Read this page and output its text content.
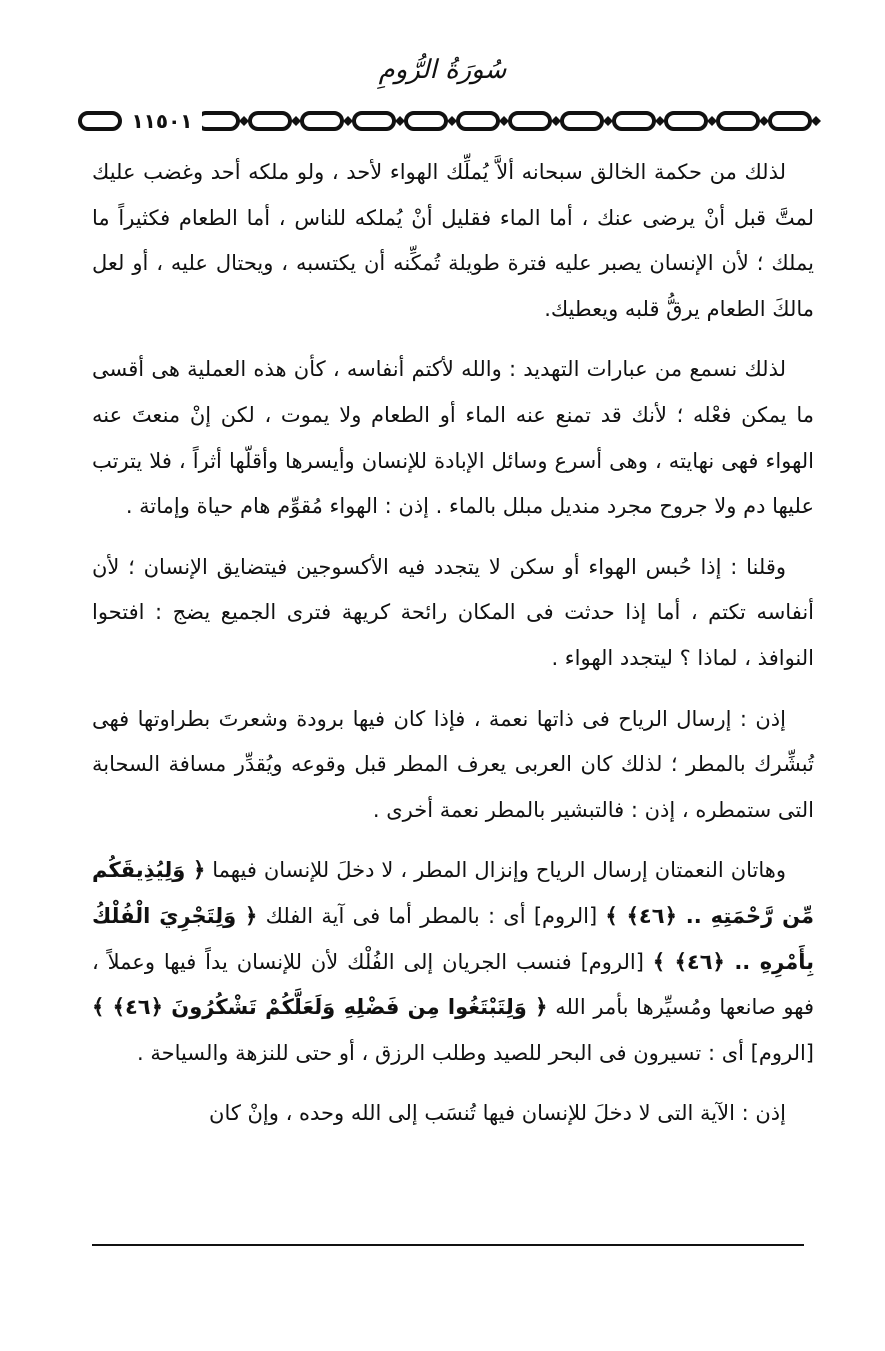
سُورَةُ الرُّومِ
١١٥٠١

لذلك من حكمة الخالق سبحانه ألاَّ يُملِّك الهواء لأحد ، ولو ملكه أحد وغضب عليك لمتَّ قبل أنْ يرضى عنك ، أما الماء فقليل أنْ يُملكه للناس ، أما الطعام فكثيراً ما يملك ؛ لأن الإنسان يصبر عليه فترة طويلة تُمكِّنه أن يكتسبه ، ويحتال عليه ، أو لعل مالكَ الطعام يرقُّ قلبه ويعطيك.

لذلك نسمع من عبارات التهديد : والله لأكتم أنفاسه ، كأن هذه العملية هى أقسى ما يمكن فعْله ؛ لأنك قد تمنع عنه الماء أو الطعام ولا يموت ، لكن إنْ منعتَ عنه الهواء فهى نهايته ، وهى أسرع وسائل الإبادة للإنسان وأيسرها وأقلّها أثراً ، فلا يترتب عليها دم ولا جروح مجرد منديل مبلل بالماء . إذن : الهواء مُقوِّم هام حياة وإماتة .

وقلنا : إذا حُبس الهواء أو سكن لا يتجدد فيه الأكسوجين فيتضايق الإنسان ؛ لأن أنفاسه تكتم ، أما إذا حدثت فى المكان رائحة كريهة فترى الجميع يضج : افتحوا النوافذ ، لماذا ؟ ليتجدد الهواء .

إذن : إرسال الرياح فى ذاتها نعمة ، فإذا كان فيها برودة وشعرتَ بطراوتها فهى تُبشِّرك بالمطر ؛ لذلك كان العربى يعرف المطر قبل وقوعه ويُقدِّر مسافة السحابة التى ستمطره ، إذن : فالتبشير بالمطر نعمة أخرى .

وهاتان النعمتان إرسال الرياح وإنزال المطر ، لا دخلَ للإنسان فيهما ﴿ وَلِيُذِيقَكُم مِّن رَّحْمَتِهِ .. ﴿٤٦﴾ ﴾ [الروم] أى : بالمطر أما فى آية الفلك ﴿ وَلِتَجْرِيَ الْفُلْكُ بِأَمْرِهِ .. ﴿٤٦﴾ ﴾ [الروم] فنسب الجريان إلى الفُلْك لأن للإنسان يداً فيها وعملاً ، فهو صانعها ومُسيِّرها بأمر الله ﴿ وَلِتَبْتَغُوا مِن فَضْلِهِ وَلَعَلَّكُمْ تَشْكُرُونَ ﴿٤٦﴾ ﴾ [الروم] أى : تسيرون فى البحر للصيد وطلب الرزق ، أو حتى للنزهة والسياحة .

إذن : الآية التى لا دخلَ للإنسان فيها تُنسَب إلى الله وحده ، وإنْ كان
